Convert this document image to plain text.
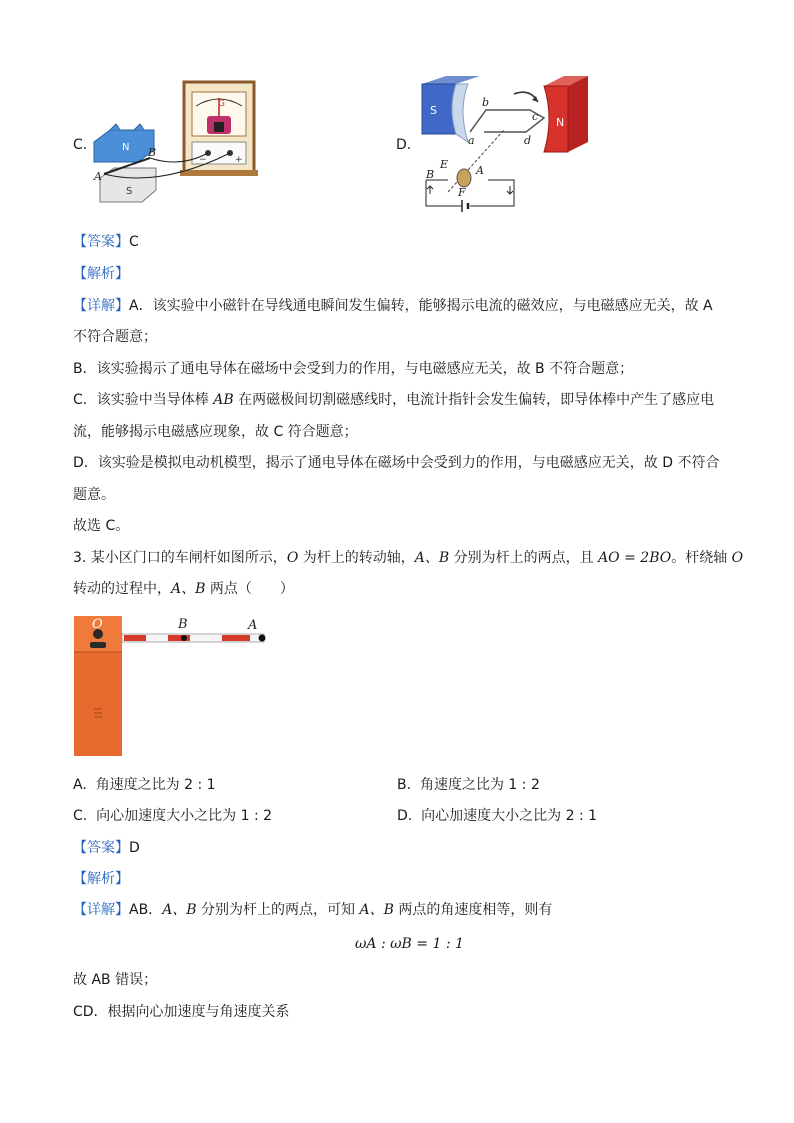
C.
G
−	+
N
S
A
B	D.
S
N
b
a
c
d
B
E	A
F
【答案】C
【解析】
【详解】A．该实验中小磁针在导线通电瞬间发生偏转，能够揭示电流的磁效应，与电磁感应无关，故 A
不符合题意；
B．该实验揭示了通电导体在磁场中会受到力的作用，与电磁感应无关，故 B 不符合题意；
C．该实验中当导体棒 AB 在两磁极间切割磁感线时，电流计指针会发生偏转，即导体棒中产生了感应电
流，能够揭示电磁感应现象，故 C 符合题意；
D．该实验是模拟电动机模型，揭示了通电导体在磁场中会受到力的作用，与电磁感应无关，故 D 不符合
题意。
故选 C。
3. 某小区门口的车闸杆如图所示，O 为杆上的转动轴，A、B 分别为杆上的两点，且 AO = 2BO。杆绕轴 O
转动的过程中，A、B 两点（　　）
O	B	A
A. 角速度之比为 2 : 1	B. 角速度之比为 1 : 2
C. 向心加速度大小之比为 1 : 2	D. 向心加速度大小之比为 2 : 1
【答案】D
【解析】
【详解】AB．A、B 分别为杆上的两点，可知 A、B 两点的角速度相等，则有
ωA : ωB = 1 : 1
故 AB 错误；
CD．根据向心加速度与角速度关系
